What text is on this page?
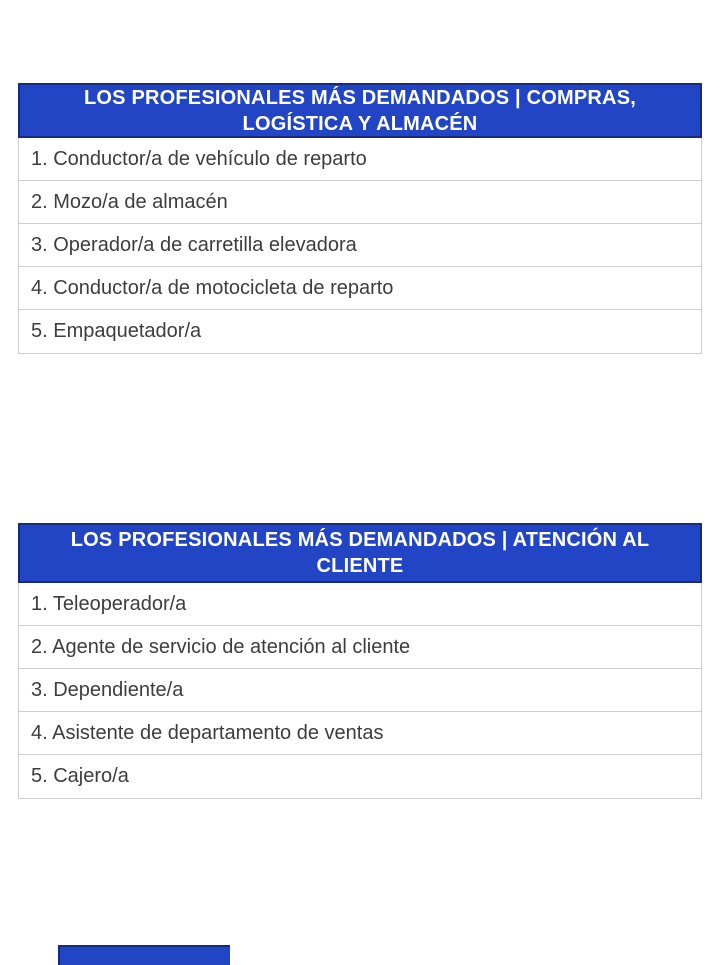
LOS PROFESIONALES MÁS DEMANDADOS | COMPRAS, LOGÍSTICA Y ALMACÉN
1. Conductor/a de vehículo de reparto
2. Mozo/a de almacén
3. Operador/a de carretilla elevadora
4. Conductor/a de motocicleta de reparto
5. Empaquetador/a
LOS PROFESIONALES MÁS DEMANDADOS | ATENCIÓN AL CLIENTE
1. Teleoperador/a
2. Agente de servicio de atención al cliente
3. Dependiente/a
4. Asistente de departamento de ventas
5. Cajero/a
